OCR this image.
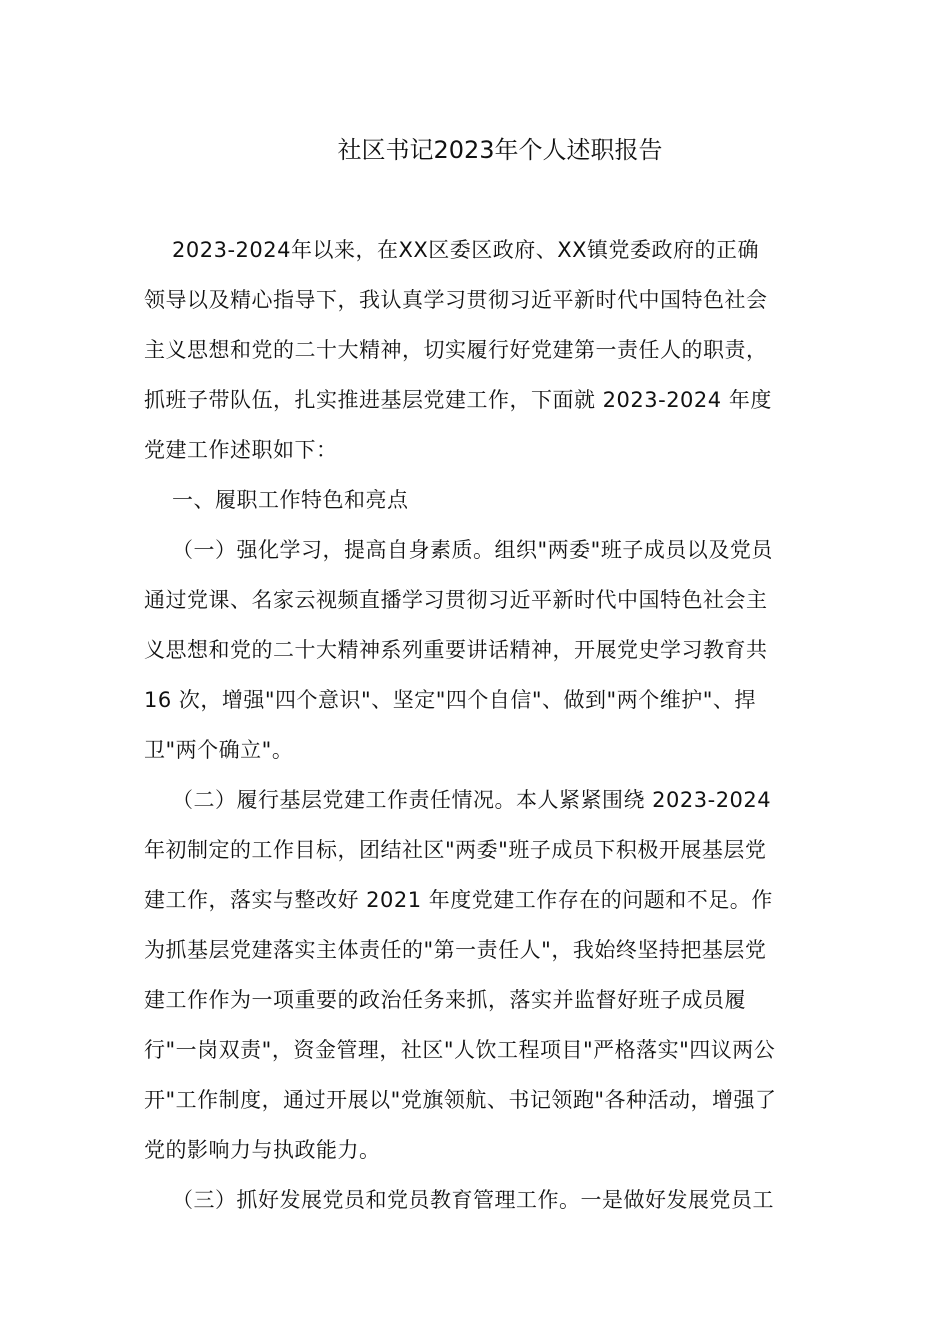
社区书记2023年个人述职报告
2023-2024年以来，在XX区委区政府、XX镇党委政府的正确
领导以及精心指导下，我认真学习贯彻习近平新时代中国特色社会
主义思想和党的二十大精神，切实履行好党建第一责任人的职责，
抓班子带队伍，扎实推进基层党建工作，下面就 2023-2024 年度
党建工作述职如下：
一、履职工作特色和亮点
（一）强化学习，提高自身素质。组织"两委"班子成员以及党员
通过党课、名家云视频直播学习贯彻习近平新时代中国特色社会主
义思想和党的二十大精神系列重要讲话精神，开展党史学习教育共
16 次，增强"四个意识"、坚定"四个自信"、做到"两个维护"、捍
卫"两个确立"。
（二）履行基层党建工作责任情况。本人紧紧围绕 2023-2024
年初制定的工作目标，团结社区"两委"班子成员下积极开展基层党
建工作，落实与整改好 2021 年度党建工作存在的问题和不足。作
为抓基层党建落实主体责任的"第一责任人"，我始终坚持把基层党
建工作作为一项重要的政治任务来抓，落实并监督好班子成员履
行"一岗双责"，资金管理，社区"人饮工程项目"严格落实"四议两公
开"工作制度，通过开展以"党旗领航、书记领跑"各种活动，增强了
党的影响力与执政能力。
（三）抓好发展党员和党员教育管理工作。一是做好发展党员工
